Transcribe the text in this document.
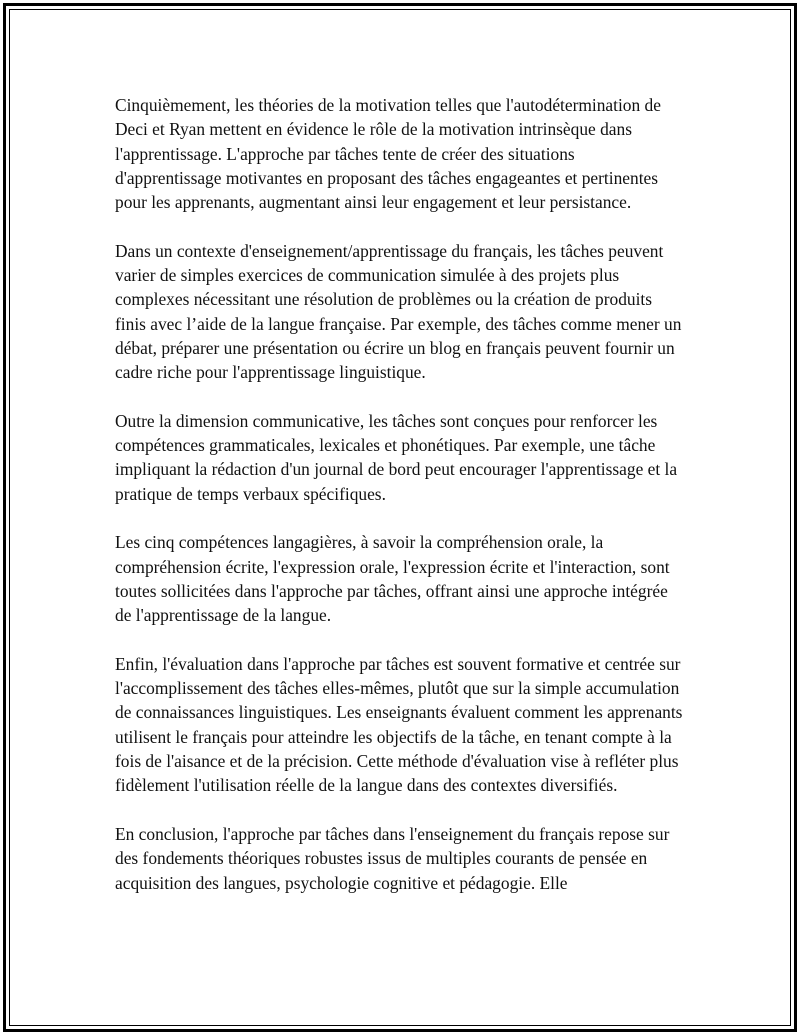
Cinquièmement, les théories de la motivation telles que l'autodétermination de Deci et Ryan mettent en évidence le rôle de la motivation intrinsèque dans l'apprentissage. L'approche par tâches tente de créer des situations d'apprentissage motivantes en proposant des tâches engageantes et pertinentes pour les apprenants, augmentant ainsi leur engagement et leur persistance.

Dans un contexte d'enseignement/apprentissage du français, les tâches peuvent varier de simples exercices de communication simulée à des projets plus complexes nécessitant une résolution de problèmes ou la création de produits finis avec l’aide de la langue française. Par exemple, des tâches comme mener un débat, préparer une présentation ou écrire un blog en français peuvent fournir un cadre riche pour l'apprentissage linguistique.

Outre la dimension communicative, les tâches sont conçues pour renforcer les compétences grammaticales, lexicales et phonétiques. Par exemple, une tâche impliquant la rédaction d'un journal de bord peut encourager l'apprentissage et la pratique de temps verbaux spécifiques.

Les cinq compétences langagières, à savoir la compréhension orale, la compréhension écrite, l'expression orale, l'expression écrite et l'interaction, sont toutes sollicitées dans l'approche par tâches, offrant ainsi une approche intégrée de l'apprentissage de la langue.

Enfin, l'évaluation dans l'approche par tâches est souvent formative et centrée sur l'accomplissement des tâches elles-mêmes, plutôt que sur la simple accumulation de connaissances linguistiques. Les enseignants évaluent comment les apprenants utilisent le français pour atteindre les objectifs de la tâche, en tenant compte à la fois de l'aisance et de la précision. Cette méthode d'évaluation vise à refléter plus fidèlement l'utilisation réelle de la langue dans des contextes diversifiés.

En conclusion, l'approche par tâches dans l'enseignement du français repose sur des fondements théoriques robustes issus de multiples courants de pensée en acquisition des langues, psychologie cognitive et pédagogie. Elle
